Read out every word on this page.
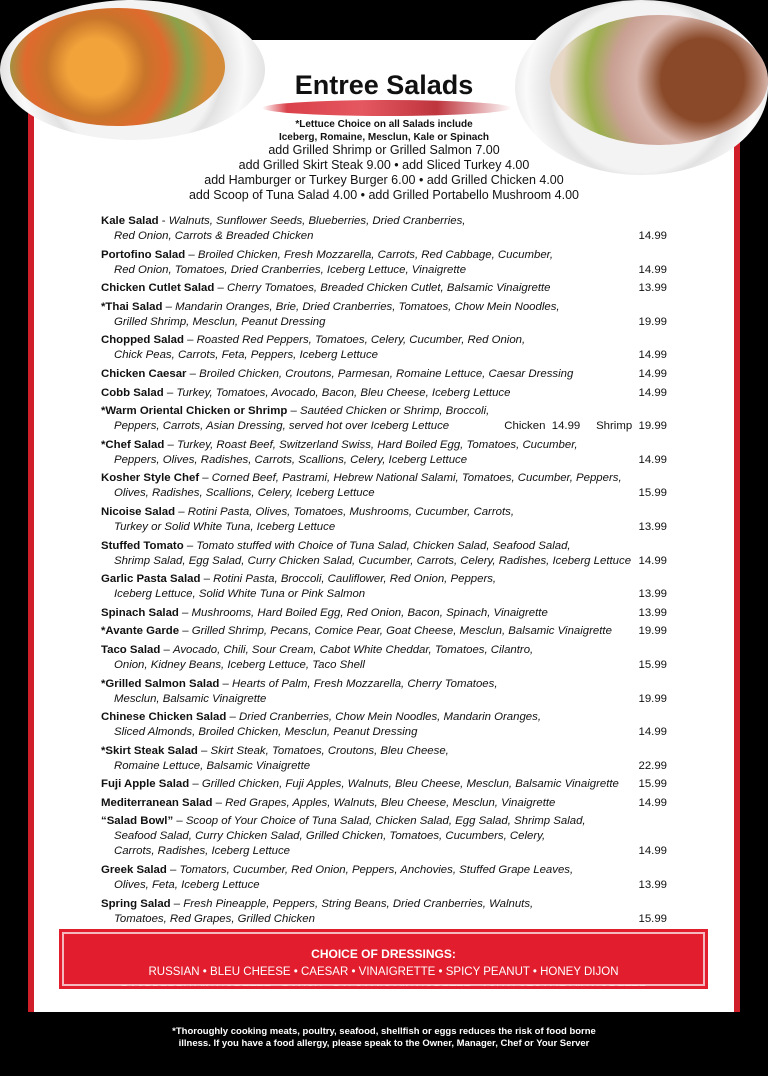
Entree Salads
*Lettuce Choice on all Salads include
Iceberg, Romaine, Mesclun, Kale or Spinach
add Grilled Shrimp or Grilled Salmon 7.00
add Grilled Skirt Steak 9.00 • add Sliced Turkey 4.00
add Hamburger or Turkey Burger 6.00 • add Grilled Chicken 4.00
add Scoop of Tuna Salad 4.00 • add Grilled Portabello Mushroom 4.00
Kale Salad - Walnuts, Sunflower Seeds, Blueberries, Dried Cranberries,
Red Onion, Carrots & Breaded Chicken	14.99
Portofino Salad – Broiled Chicken, Fresh Mozzarella, Carrots, Red Cabbage, Cucumber,
Red Onion, Tomatoes, Dried Cranberries, Iceberg Lettuce, Vinaigrette	14.99
Chicken Cutlet Salad – Cherry Tomatoes, Breaded Chicken Cutlet, Balsamic Vinaigrette	13.99
*Thai Salad – Mandarin Oranges, Brie, Dried Cranberries, Tomatoes, Chow Mein Noodles,
Grilled Shrimp, Mesclun, Peanut Dressing	19.99
Chopped Salad – Roasted Red Peppers, Tomatoes, Celery, Cucumber, Red Onion,
Chick Peas, Carrots, Feta, Peppers, Iceberg Lettuce	14.99
Chicken Caesar – Broiled Chicken, Croutons, Parmesan, Romaine Lettuce, Caesar Dressing	14.99
Cobb Salad – Turkey, Tomatoes, Avocado, Bacon, Bleu Cheese, Iceberg Lettuce	14.99
*Warm Oriental Chicken or Shrimp – Sautéed Chicken or Shrimp, Broccoli,
Peppers, Carrots, Asian Dressing, served hot over Iceberg Lettuce	Chicken  14.99     Shrimp  19.99
*Chef Salad – Turkey, Roast Beef, Switzerland Swiss, Hard Boiled Egg, Tomatoes, Cucumber,
Peppers, Olives, Radishes, Carrots, Scallions, Celery, Iceberg Lettuce	14.99
Kosher Style Chef – Corned Beef, Pastrami, Hebrew National Salami, Tomatoes, Cucumber, Peppers,
Olives, Radishes, Scallions, Celery, Iceberg Lettuce	15.99
Nicoise Salad – Rotini Pasta, Olives, Tomatoes, Mushrooms, Cucumber, Carrots,
Turkey or Solid White Tuna, Iceberg Lettuce	13.99
Stuffed Tomato – Tomato stuffed with Choice of Tuna Salad, Chicken Salad, Seafood Salad,
Shrimp Salad, Egg Salad, Curry Chicken Salad, Cucumber, Carrots, Celery, Radishes, Iceberg Lettuce 14.99
Garlic Pasta Salad – Rotini Pasta, Broccoli, Cauliflower, Red Onion, Peppers,
Iceberg Lettuce, Solid White Tuna or Pink Salmon	13.99
Spinach Salad – Mushrooms, Hard Boiled Egg, Red Onion, Bacon, Spinach, Vinaigrette	13.99
*Avante Garde – Grilled Shrimp, Pecans, Comice Pear, Goat Cheese, Mesclun, Balsamic Vinaigrette	19.99
Taco Salad – Avocado, Chili, Sour Cream, Cabot White Cheddar, Tomatoes, Cilantro,
Onion, Kidney Beans, Iceberg Lettuce, Taco Shell	15.99
*Grilled Salmon Salad – Hearts of Palm, Fresh Mozzarella, Cherry Tomatoes,
Mesclun, Balsamic Vinaigrette	19.99
Chinese Chicken Salad – Dried Cranberries, Chow Mein Noodles, Mandarin Oranges,
Sliced Almonds, Broiled Chicken, Mesclun, Peanut Dressing	14.99
*Skirt Steak Salad – Skirt Steak, Tomatoes, Croutons, Bleu Cheese,
Romaine Lettuce, Balsamic Vinaigrette	22.99
Fuji Apple Salad – Grilled Chicken, Fuji Apples, Walnuts, Bleu Cheese, Mesclun, Balsamic Vinaigrette	15.99
Mediterranean Salad – Red Grapes, Apples, Walnuts, Bleu Cheese, Mesclun, Vinaigrette	14.99
“Salad Bowl” – Scoop of Your Choice of Tuna Salad, Chicken Salad, Egg Salad, Shrimp Salad,
Seafood Salad, Curry Chicken Salad, Grilled Chicken, Tomatoes, Cucumbers, Celery,
Carrots, Radishes, Iceberg Lettuce	14.99
Greek Salad – Tomators, Cucumber, Red Onion, Peppers, Anchovies, Stuffed Grape Leaves,
Olives, Feta, Iceberg Lettuce	13.99
Spring Salad – Fresh Pineapple, Peppers, String Beans, Dried Cranberries, Walnuts,
Tomatoes, Red Grapes, Grilled Chicken	15.99
CHOICE OF DRESSINGS:
RUSSIAN • BLEU CHEESE • CAESAR • VINAIGRETTE • SPICY PEANUT • HONEY DIJON
RASPBERRY VINAIGRETTE • RANCH • BALSAMIC VINAIGRETTE • ASIAN SESAME VINAIGRETTE
*Thoroughly cooking meats, poultry, seafood, shellfish or eggs reduces the risk of food borne
illness. If you have a food allergy, please speak to the Owner, Manager, Chef or Your Server
